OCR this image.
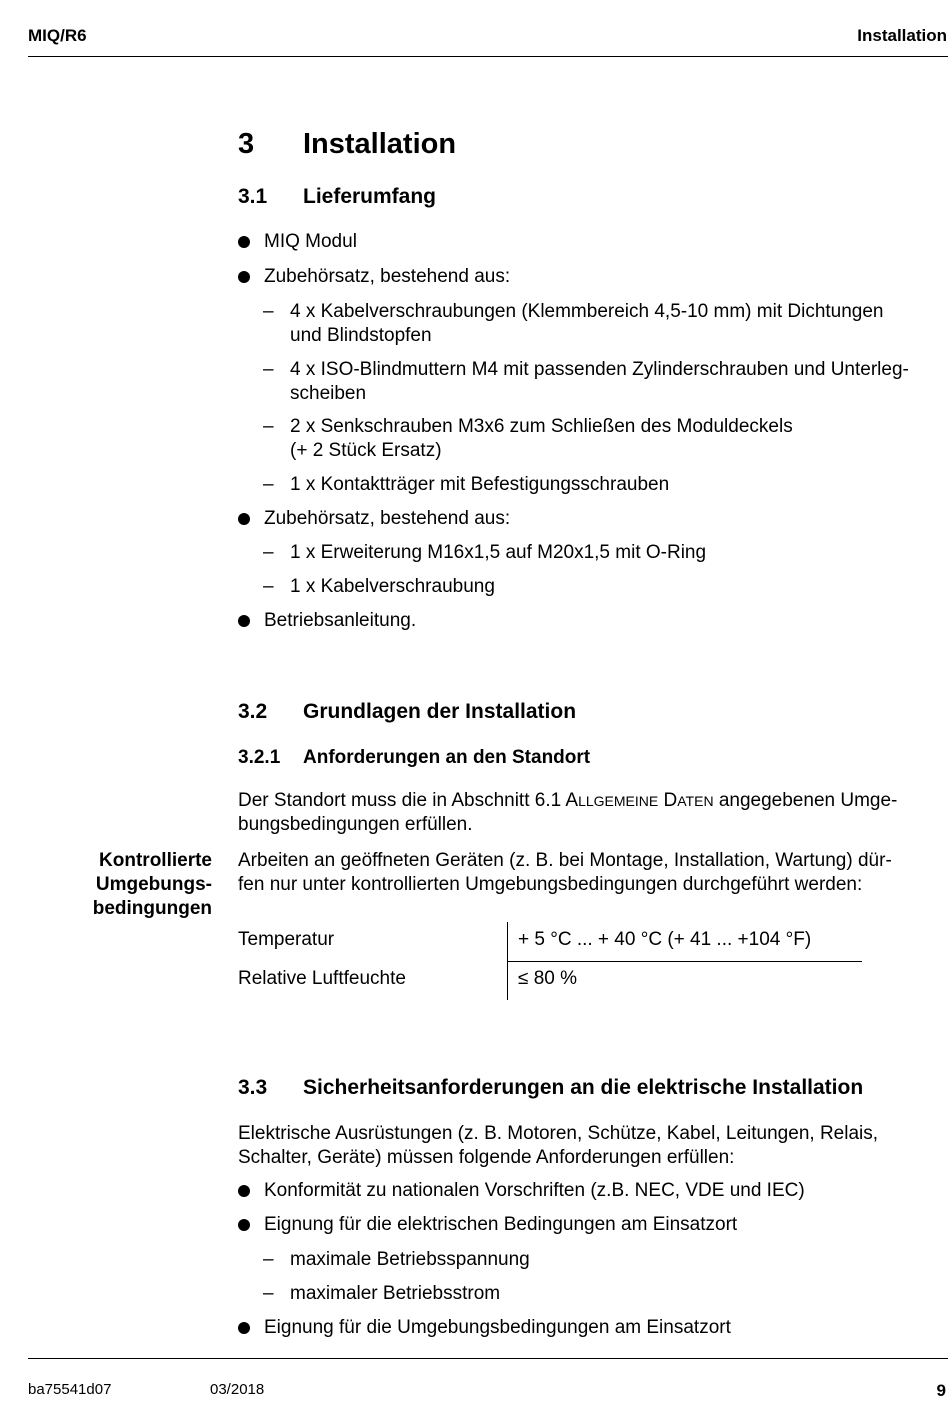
MIQ/R6	Installation
3 Installation
3.1 Lieferumfang
MIQ Modul
Zubehörsatz, bestehend aus:
– 4 x Kabelverschraubungen (Klemmbereich 4,5-10 mm) mit Dichtungen
und Blindstopfen
– 4 x ISO-Blindmuttern M4 mit passenden Zylinderschrauben und Unterleg-
scheiben
– 2 x Senkschrauben M3x6 zum Schließen des Moduldeckels
(+ 2 Stück Ersatz)
– 1 x Kontaktträger mit Befestigungsschrauben
Zubehörsatz, bestehend aus:
– 1 x Erweiterung M16x1,5 auf M20x1,5 mit O-Ring
– 1 x Kabelverschraubung
Betriebsanleitung.
3.2 Grundlagen der Installation
3.2.1 Anforderungen an den Standort
Der Standort muss die in Abschnitt 6.1 ALLGEMEINE DATEN angegebenen Umge-
bungsbedingungen erfüllen.
Kontrollierte
Umgebungs-
bedingungen
Arbeiten an geöffneten Geräten (z. B. bei Montage, Installation, Wartung) dür-
fen nur unter kontrollierten Umgebungsbedingungen durchgeführt werden:
Temperatur	+ 5 °C ... + 40 °C (+ 41 ... +104 °F)
Relative Luftfeuchte	≤ 80 %
3.3 Sicherheitsanforderungen an die elektrische Installation
Elektrische Ausrüstungen (z. B. Motoren, Schütze, Kabel, Leitungen, Relais,
Schalter, Geräte) müssen folgende Anforderungen erfüllen:
Konformität zu nationalen Vorschriften (z.B. NEC, VDE und IEC)
Eignung für die elektrischen Bedingungen am Einsatzort
– maximale Betriebsspannung
– maximaler Betriebsstrom
Eignung für die Umgebungsbedingungen am Einsatzort
ba75541d07	03/2018	9
